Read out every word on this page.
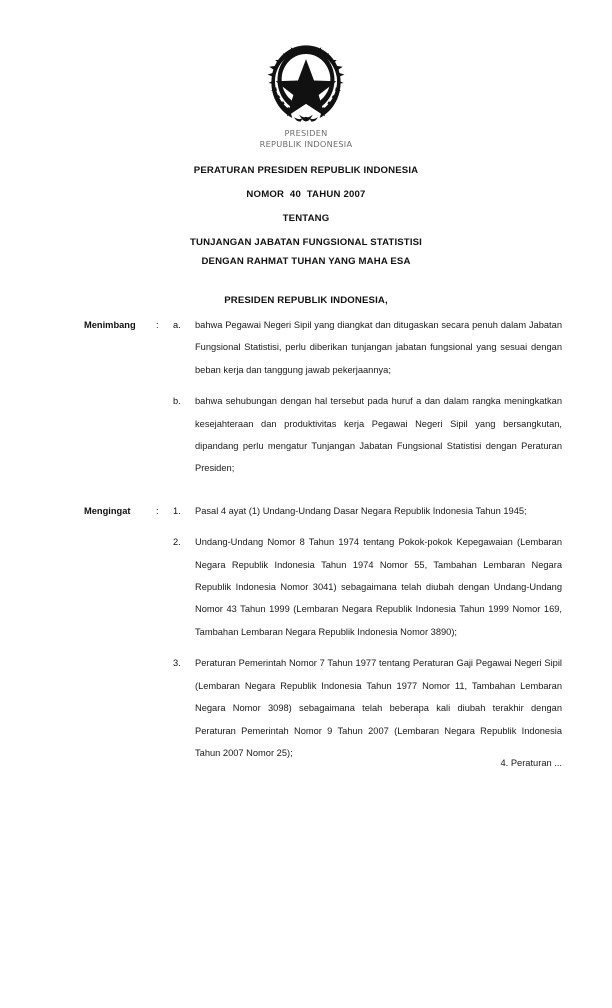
PRESIDEN
REPUBLIK INDONESIA
PERATURAN PRESIDEN REPUBLIK INDONESIA
NOMOR  40  TAHUN 2007
TENTANG
TUNJANGAN JABATAN FUNGSIONAL STATISTISI
DENGAN RAHMAT TUHAN YANG MAHA ESA
PRESIDEN REPUBLIK INDONESIA,
Menimbang	:	a.	bahwa Pegawai Negeri Sipil yang diangkat dan ditugaskan secara penuh dalam Jabatan Fungsional Statistisi, perlu diberikan tunjangan jabatan fungsional yang sesuai dengan beban kerja dan tanggung jawab pekerjaannya;
b.	bahwa sehubungan dengan hal tersebut pada huruf a dan dalam rangka meningkatkan kesejahteraan dan produktivitas kerja Pegawai Negeri Sipil yang bersangkutan, dipandang perlu mengatur Tunjangan Jabatan Fungsional Statistisi dengan Peraturan Presiden;
Mengingat	:	1.	Pasal 4 ayat (1) Undang-Undang Dasar Negara Republik Indonesia Tahun 1945;
2.	Undang-Undang Nomor 8 Tahun 1974 tentang Pokok-pokok Kepegawaian (Lembaran Negara Republik Indonesia Tahun 1974 Nomor 55, Tambahan Lembaran Negara Republik Indonesia Nomor 3041) sebagaimana telah diubah dengan Undang-Undang Nomor 43 Tahun 1999 (Lembaran Negara Republik Indonesia Tahun 1999 Nomor 169, Tambahan Lembaran Negara Republik Indonesia Nomor 3890);
3.	Peraturan Pemerintah Nomor 7 Tahun 1977 tentang Peraturan Gaji Pegawai Negeri Sipil (Lembaran Negara Republik Indonesia Tahun 1977 Nomor 11, Tambahan Lembaran Negara Nomor 3098) sebagaimana telah beberapa kali diubah terakhir dengan Peraturan Pemerintah Nomor 9 Tahun 2007 (Lembaran Negara Republik Indonesia Tahun 2007 Nomor 25);
4. Peraturan ...
